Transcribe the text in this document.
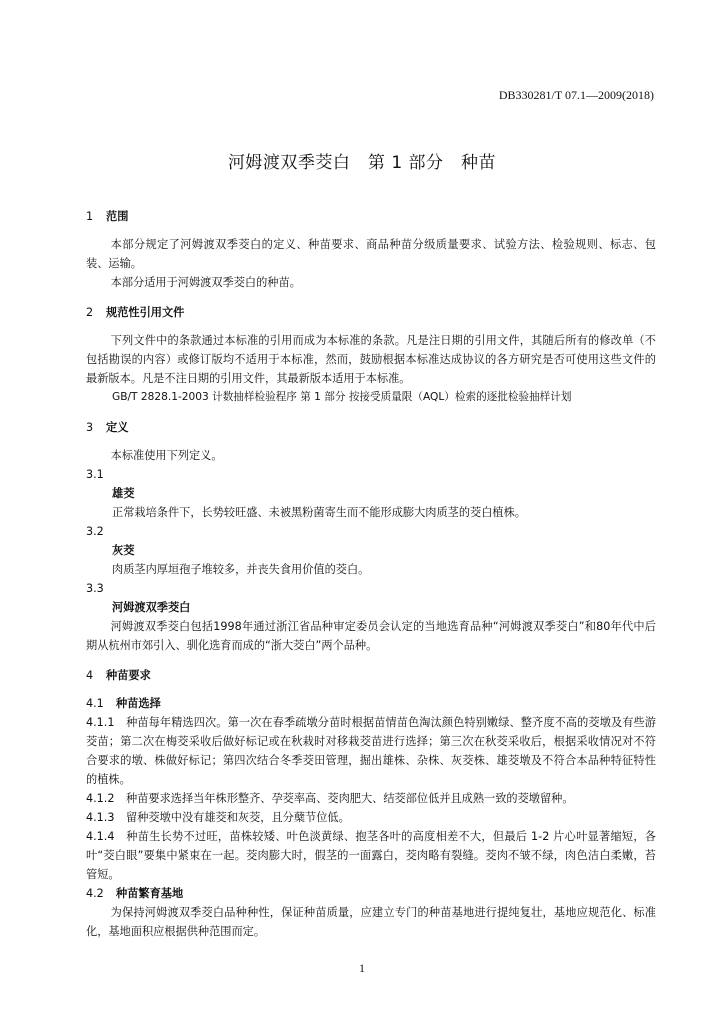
DB330281/T 07.1—2009(2018)
河姆渡双季茭白　第 1 部分　种苗
1 范围

本部分规定了河姆渡双季茭白的定义、种苗要求、商品种苗分级质量要求、试验方法、检验规则、标志、包装、运输。

本部分适用于河姆渡双季茭白的种苗。

2 规范性引用文件

下列文件中的条款通过本标准的引用而成为本标准的条款。凡是注日期的引用文件，其随后所有的修改单（不包括勘误的内容）或修订版均不适用于本标准，然而，鼓励根据本标准达成协议的各方研究是否可使用这些文件的最新版本。凡是不注日期的引用文件，其最新版本适用于本标准。

GB/T 2828.1-2003 计数抽样检验程序 第 1 部分 按接受质量限（AQL）检索的逐批检验抽样计划

3 定义

本标准使用下列定义。

3.1

雄茭

正常栽培条件下，长势较旺盛、未被黑粉菌寄生而不能形成膨大肉质茎的茭白植株。

3.2

灰茭

肉质茎内厚垣孢子堆较多，并丧失食用价值的茭白。

3.3

河姆渡双季茭白

河姆渡双季茭白包括1998年通过浙江省品种审定委员会认定的当地选育品种“河姆渡双季茭白”和80年代中后期从杭州市郊引入、驯化选育而成的“浙大茭白”两个品种。

4 种苗要求

4.1 种苗选择

4.1.1 种苗每年精选四次。第一次在春季疏墩分苗时根据苗情苗色淘汰颜色特别嫩绿、整齐度不高的茭墩及有些游茭苗；第二次在梅茭采收后做好标记或在秋栽时对移栽茭苗进行选择；第三次在秋茭采收后，根据采收情况对不符合要求的墩、株做好标记；第四次结合冬季茭田管理，掘出雄株、杂株、灰茭株、雄茭墩及不符合本品种特征特性的植株。

4.1.2 种苗要求选择当年株形整齐、孕茭率高、茭肉肥大、结茭部位低并且成熟一致的茭墩留种。

4.1.3 留种茭墩中没有雄茭和灰茭，且分蘖节位低。

4.1.4 种苗生长势不过旺，苗株较矮、叶色淡黄绿、抱茎各叶的高度相差不大，但最后 1-2 片心叶显著缩短，各叶“茭白眼”要集中紧束在一起。茭肉膨大时，假茎的一面露白，茭肉略有裂缝。茭肉不皱不绿，肉色洁白柔嫩，苔管短。

4.2 种苗繁育基地

为保持河姆渡双季茭白品种种性，保证种苗质量，应建立专门的种苗基地进行提纯复壮，基地应规范化、标准化，基地面积应根据供种范围而定。

1
